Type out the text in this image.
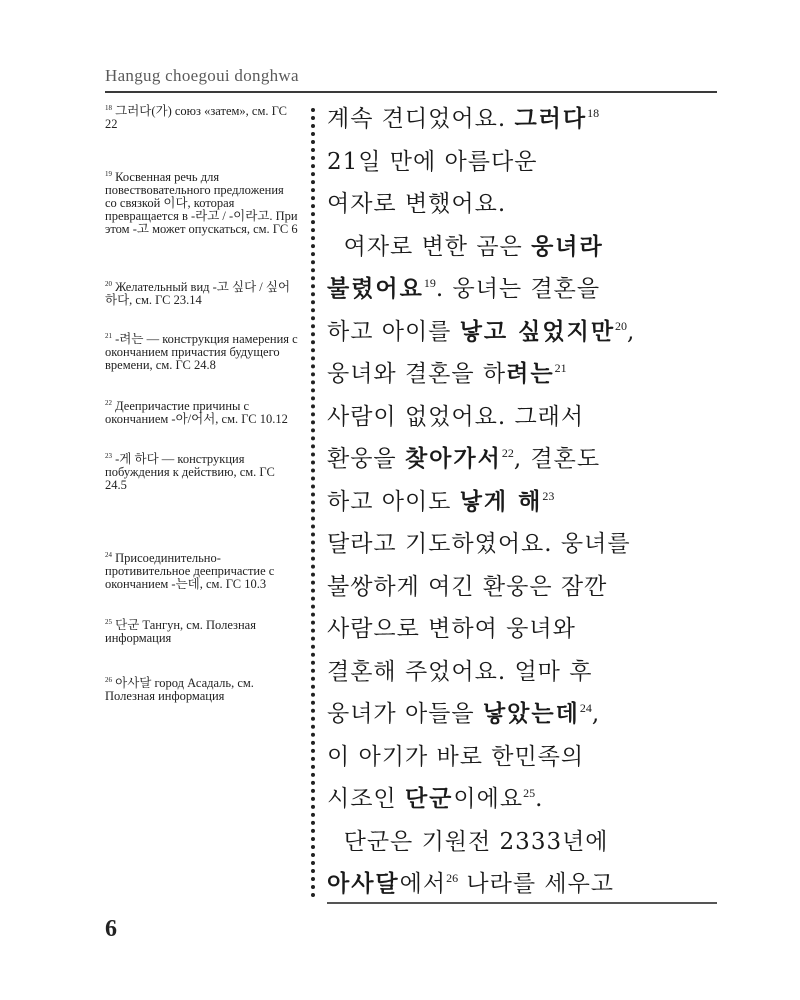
Hangug choegoui donghwa
$^{18}$ 그러다(가) союз «затем», см. ГС 22
$^{19}$ Косвенная речь для повествовательного предложения со связкой 이다, которая превращается в -라고 / -이라고. При этом -고 может опускаться, см. ГС 6
$^{20}$ Желательный вид -고 싶다 / 싶어하다, см. ГС 23.14
$^{21}$ -려는 — конструкция намерения с окончанием причастия будущего времени, см. ГС 24.8
$^{22}$ Деепричастие причины с окончанием -아/어서, см. ГС 10.12
$^{23}$ -게 하다 — конструкция побуждения к действию, см. ГС 24.5
$^{24}$ Присоединительно-противительное деепричастие с окончанием -는데, см. ГС 10.3
$^{25}$ 단군 Тангун, см. Полезная информация
$^{26}$ 아사달 город Асадаль, см. Полезная информация
계속 견디었어요. 그러다$^{18}$
21일 만에 아름다운
여자로 변했어요.
여자로 변한 곰은 웅녀라
불렸어요$^{19}$. 웅녀는 결혼을
하고 아이를 낳고 싶었지만$^{20}$,
웅녀와 결혼을 하려는$^{21}$
사람이 없었어요. 그래서
환웅을 찾아가서$^{22}$, 결혼도
하고 아이도 낳게 해$^{23}$
달라고 기도하였어요. 웅녀를
불쌍하게 여긴 환웅은 잠깐
사람으로 변하여 웅녀와
결혼해 주었어요. 얼마 후
웅녀가 아들을 낳았는데$^{24}$,
이 아기가 바로 한민족의
시조인 단군이에요$^{25}$.
단군은 기원전 2333년에
아사달에서$^{26}$ 나라를 세우고
6
